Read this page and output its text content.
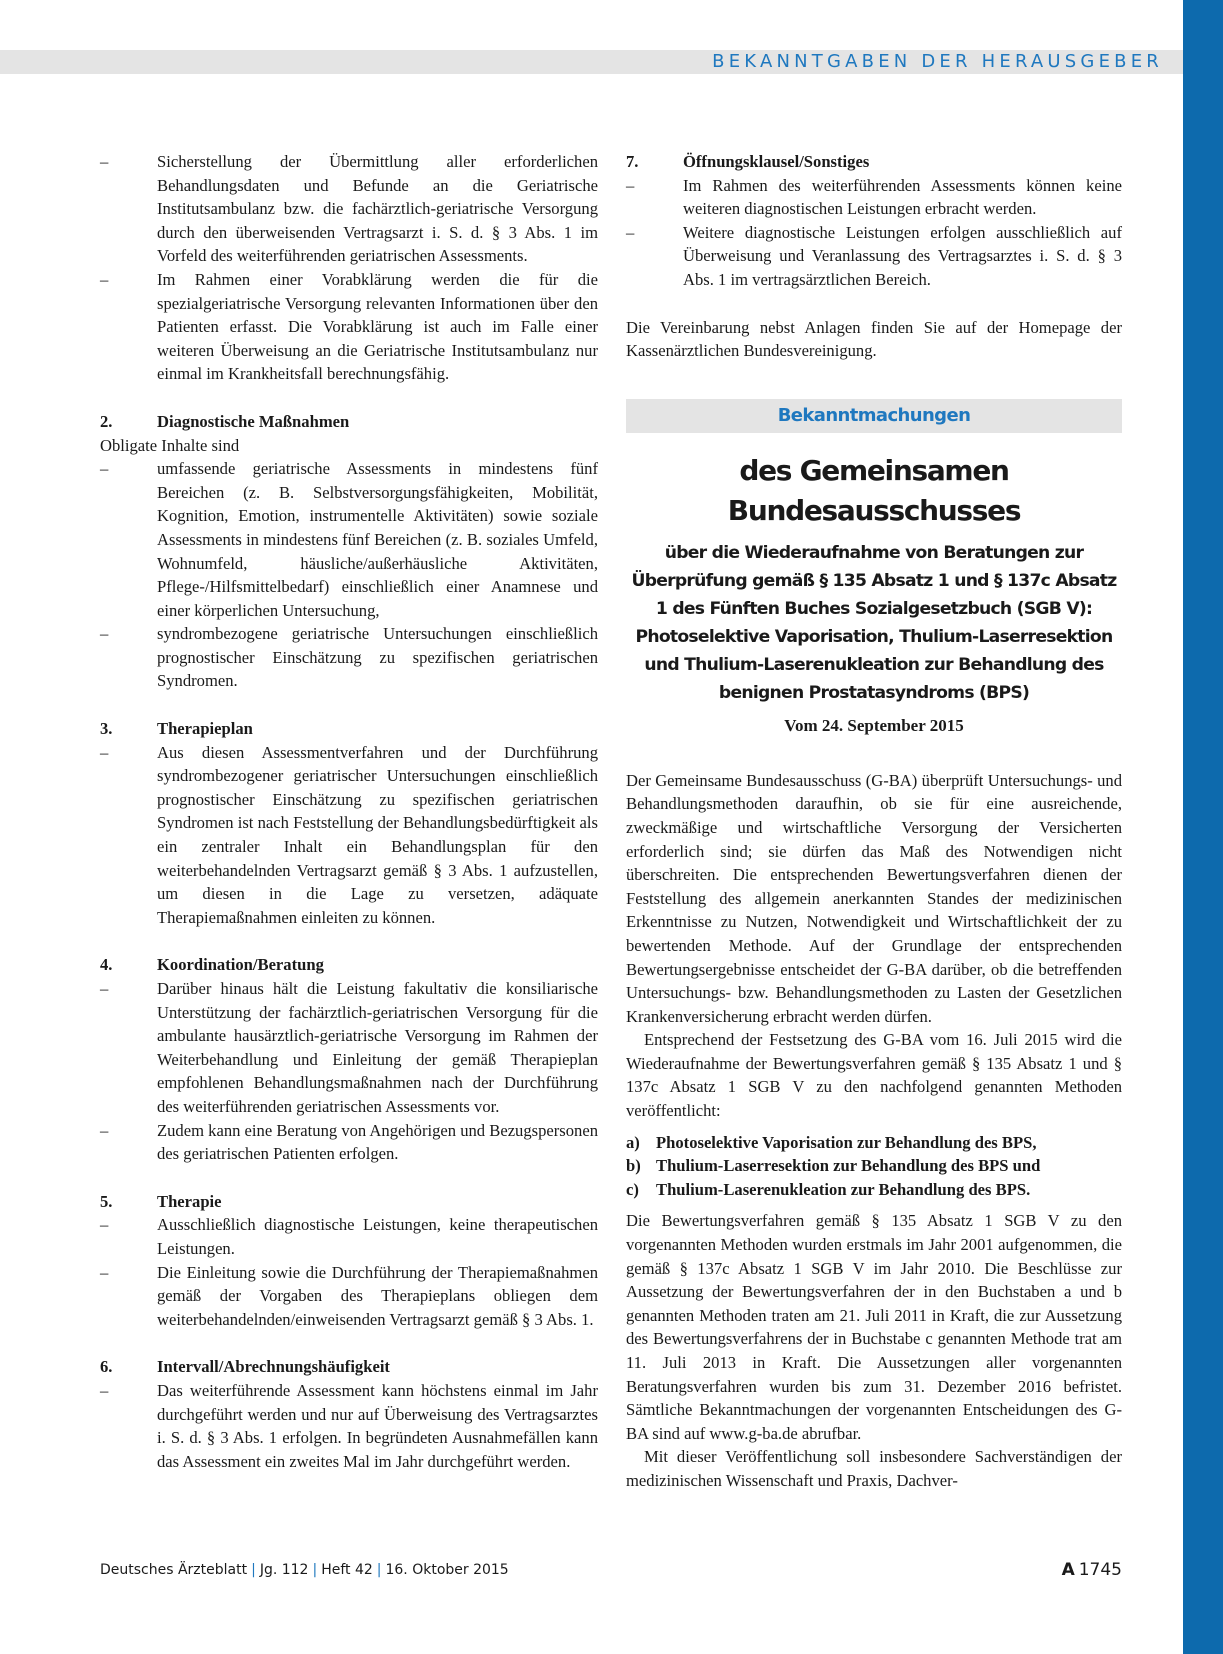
BEKANNTGABEN DER HERAUSGEBER
–	Sicherstellung der Übermittlung aller erforderlichen Behandlungsdaten und Befunde an die Geriatrische Institutsambulanz bzw. die fachärztlich-geriatrische Versorgung durch den überweisenden Vertragsarzt i. S. d. § 3 Abs. 1 im Vorfeld des weiterführenden geriatrischen Assessments.
–	Im Rahmen einer Vorabklärung werden die für die spezialgeriatrische Versorgung relevanten Informationen über den Patienten erfasst. Die Vorabklärung ist auch im Falle einer weiteren Überweisung an die Geriatrische Institutsambulanz nur einmal im Krankheitsfall berechnungsfähig.
2.	Diagnostische Maßnahmen

Obligate Inhalte sind

–	umfassende geriatrische Assessments in mindestens fünf Bereichen (z. B. Selbstversorgungsfähigkeiten, Mobilität, Kognition, Emotion, instrumentelle Aktivitäten) sowie soziale Assessments in mindestens fünf Bereichen (z. B. soziales Umfeld, Wohnumfeld, häusliche/außerhäusliche Aktivitäten, Pflege-/Hilfsmittelbedarf) einschließlich einer Anamnese und einer körperlichen Untersuchung,
–	syndrombezogene geriatrische Untersuchungen einschließlich prognostischer Einschätzung zu spezifischen geriatrischen Syndromen.
3.	Therapieplan
–	Aus diesen Assessmentverfahren und der Durchführung syndrombezogener geriatrischer Untersuchungen einschließlich prognostischer Einschätzung zu spezifischen geriatrischen Syndromen ist nach Feststellung der Behandlungsbedürftigkeit als ein zentraler Inhalt ein Behandlungsplan für den weiterbehandelnden Vertragsarzt gemäß § 3 Abs. 1 aufzustellen, um diesen in die Lage zu versetzen, adäquate Therapiemaßnahmen einleiten zu können.
4.	Koordination/Beratung
–	Darüber hinaus hält die Leistung fakultativ die konsiliarische Unterstützung der fachärztlich-geriatrischen Versorgung für die ambulante hausärztlich-geriatrische Versorgung im Rahmen der Weiterbehandlung und Einleitung der gemäß Therapieplan empfohlenen Behandlungsmaßnahmen nach der Durchführung des weiterführenden geriatrischen Assessments vor.
–	Zudem kann eine Beratung von Angehörigen und Bezugspersonen des geriatrischen Patienten erfolgen.
5.	Therapie
–	Ausschließlich diagnostische Leistungen, keine therapeutischen Leistungen.
–	Die Einleitung sowie die Durchführung der Therapiemaßnahmen gemäß der Vorgaben des Therapieplans obliegen dem weiterbehandelnden/einweisenden Vertragsarzt gemäß § 3 Abs. 1.
6.	Intervall/Abrechnungshäufigkeit
–	Das weiterführende Assessment kann höchstens einmal im Jahr durchgeführt werden und nur auf Überweisung des Vertragsarztes i. S. d. § 3 Abs. 1 erfolgen. In begründeten Ausnahmefällen kann das Assessment ein zweites Mal im Jahr durchgeführt werden.
7.	Öffnungsklausel/Sonstiges
–	Im Rahmen des weiterführenden Assessments können keine weiteren diagnostischen Leistungen erbracht werden.
–	Weitere diagnostische Leistungen erfolgen ausschließlich auf Überweisung und Veranlassung des Vertragsarztes i. S. d. § 3 Abs. 1 im vertragsärztlichen Bereich.

Die Vereinbarung nebst Anlagen finden Sie auf der Homepage der Kassenärztlichen Bundesvereinigung.

Bekanntmachungen
des Gemeinsamen Bundesausschusses
über die Wiederaufnahme von Beratungen zur Überprüfung gemäß § 135 Absatz 1 und § 137c Absatz 1 des Fünften Buches Sozialgesetzbuch (SGB V): Photoselektive Vaporisation, Thulium-Laserresektion und Thulium-Laserenukleation zur Behandlung des benignen Prostatasyndroms (BPS)
Vom 24. September 2015

Der Gemeinsame Bundesausschuss (G-BA) überprüft Untersuchungs- und Behandlungsmethoden daraufhin, ob sie für eine ausreichende, zweckmäßige und wirtschaftliche Versorgung der Versicherten erforderlich sind; sie dürfen das Maß des Notwendigen nicht überschreiten. Die entsprechenden Bewertungsverfahren dienen der Feststellung des allgemein anerkannten Standes der medizinischen Erkenntnisse zu Nutzen, Notwendigkeit und Wirtschaftlichkeit der zu bewertenden Methode. Auf der Grundlage der entsprechenden Bewertungsergebnisse entscheidet der G-BA darüber, ob die betreffenden Untersuchungs- bzw. Behandlungsmethoden zu Lasten der Gesetzlichen Krankenversicherung erbracht werden dürfen.

Entsprechend der Festsetzung des G-BA vom 16. Juli 2015 wird die Wiederaufnahme der Bewertungsverfahren gemäß § 135 Absatz 1 und § 137c Absatz 1 SGB V zu den nachfolgend genannten Methoden veröffentlicht:

a) Photoselektive Vaporisation zur Behandlung des BPS,
b) Thulium-Laserresektion zur Behandlung des BPS und
c)	Thulium-Laserenukleation zur Behandlung des BPS.

Die Bewertungsverfahren gemäß § 135 Absatz 1 SGB V zu den vorgenannten Methoden wurden erstmals im Jahr 2001 aufgenommen, die gemäß § 137c Absatz 1 SGB V im Jahr 2010. Die Beschlüsse zur Aussetzung der Bewertungsverfahren der in den Buchstaben a und b genannten Methoden traten am 21. Juli 2011 in Kraft, die zur Aussetzung des Bewertungsverfahrens der in Buchstabe c genannten Methode trat am 11. Juli 2013 in Kraft. Die Aussetzungen aller vorgenannten Beratungsverfahren wurden bis zum 31. Dezember 2016 befristet. Sämtliche Bekanntmachungen der vorgenannten Entscheidungen des G-BA sind auf www.g-ba.de abrufbar.

Mit dieser Veröffentlichung soll insbesondere Sachverständigen der medizinischen Wissenschaft und Praxis, Dachver-

Deutsches Ärzteblatt | Jg. 112 | Heft 42 | 16. Oktober 2015	A 1745
